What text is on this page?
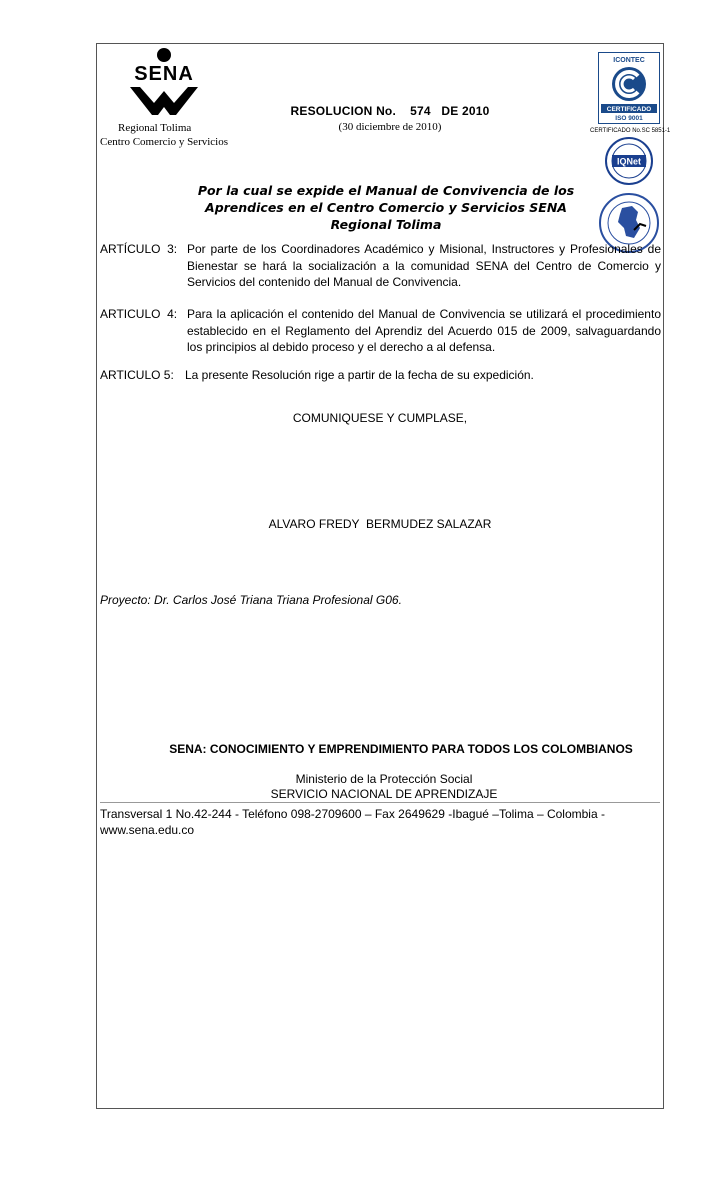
SENA
Regional Tolima
Centro Comercio y Servicios
RESOLUCION No.    574   DE 2010
(30 diciembre de 2010)
ICONTEC
CERTIFICADO
ISO 9001
CERTIFICADO No.SC 5851-1
IQNet
Por la cual se expide el Manual de Convivencia de los
Aprendices en el Centro Comercio y Servicios SENA
Regional Tolima
ARTÍCULO  3: Por parte de los Coordinadores Académico y Misional, Instructores y Profesionales de Bienestar se hará la socialización a la comunidad SENA del Centro de Comercio y Servicios del contenido del Manual de Convivencia.
ARTICULO  4: Para la aplicación el contenido del Manual de Convivencia se utilizará el procedimiento establecido en el Reglamento del Aprendiz del Acuerdo 015 de 2009, salvaguardando los principios al debido proceso y el derecho a al defensa.
ARTICULO 5: La presente Resolución rige a partir de la fecha de su expedición.
COMUNIQUESE Y CUMPLASE,
ALVARO FREDY  BERMUDEZ SALAZAR
Proyecto: Dr. Carlos José Triana Triana Profesional G06.
SENA: CONOCIMIENTO Y EMPRENDIMIENTO PARA TODOS LOS COLOMBIANOS
Ministerio de la Protección Social
SERVICIO NACIONAL DE APRENDIZAJE
Transversal 1 No.42-244 - Teléfono 098-2709600 – Fax 2649629 -Ibagué –Tolima – Colombia - www.sena.edu.co
